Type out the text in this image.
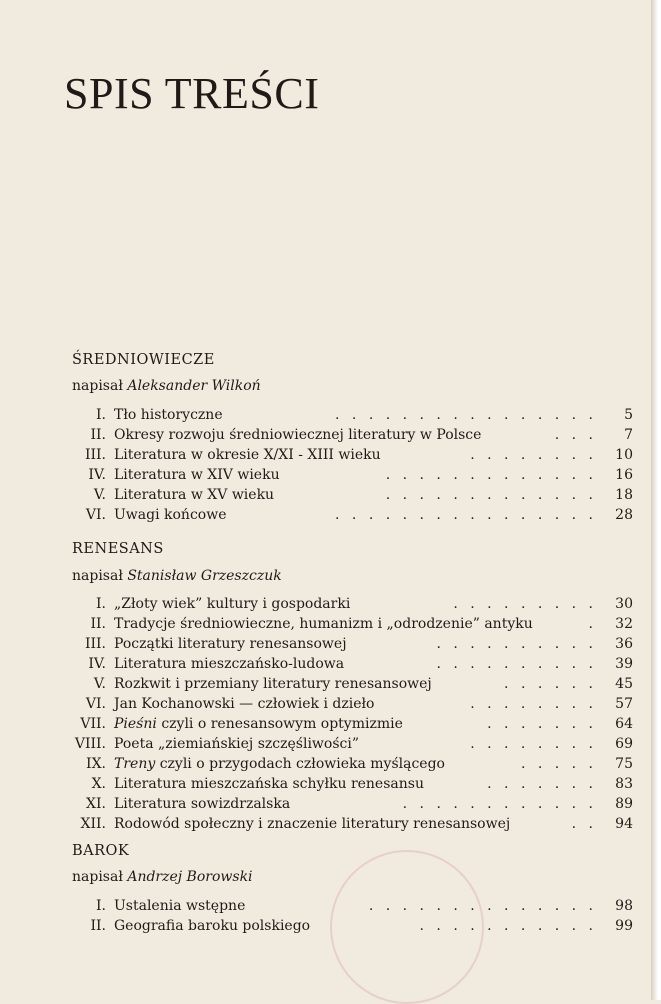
SPIS TREŚCI
ŚREDNIOWIECZE
napisał Aleksander Wilkoń
I. Tło historyczne	. . . . . . . . . . . . . . . . 5
II. Okresy rozwoju średniowiecznej literatury w Polsce	. . . 7
III. Literatura w okresie X/XI - XIII wieku	. . . . . . . . 10
IV. Literatura w XIV wieku	. . . . . . . . . . . . . 16
V. Literatura w XV wieku	. . . . . . . . . . . . . 18
VI. Uwagi końcowe	. . . . . . . . . . . . . . . . 28
RENESANS
napisał Stanisław Grzeszczuk
I. „Złoty wiek” kultury i gospodarki	. . . . . . . . . 30
II. Tradycje średniowieczne, humanizm i „odrodzenie” antyku	. 32
III. Początki literatury renesansowej	. . . . . . . . . . 36
IV. Literatura mieszczańsko-ludowa	. . . . . . . . . . 39
V. Rozkwit i przemiany literatury renesansowej	. . . . . . 45
VI. Jan Kochanowski — człowiek i dzieło	. . . . . . . . 57
VII. Pieśni czyli o renesansowym optymizmie	. . . . . . . 64
VIII. Poeta „ziemiańskiej szczęśliwości”	. . . . . . . . 69
IX. Treny czyli o przygodach człowieka myślącego	. . . . . 75
X. Literatura mieszczańska schyłku renesansu	. . . . . . . 83
XI. Literatura sowizdrzalska	. . . . . . . . . . . . 89
XII. Rodowód społeczny i znaczenie literatury renesansowej	. . 94
BAROK
napisał Andrzej Borowski
I. Ustalenia wstępne	. . . . . . . . . . . . . . 98
II. Geografia baroku polskiego	. . . . . . . . . . . 99
